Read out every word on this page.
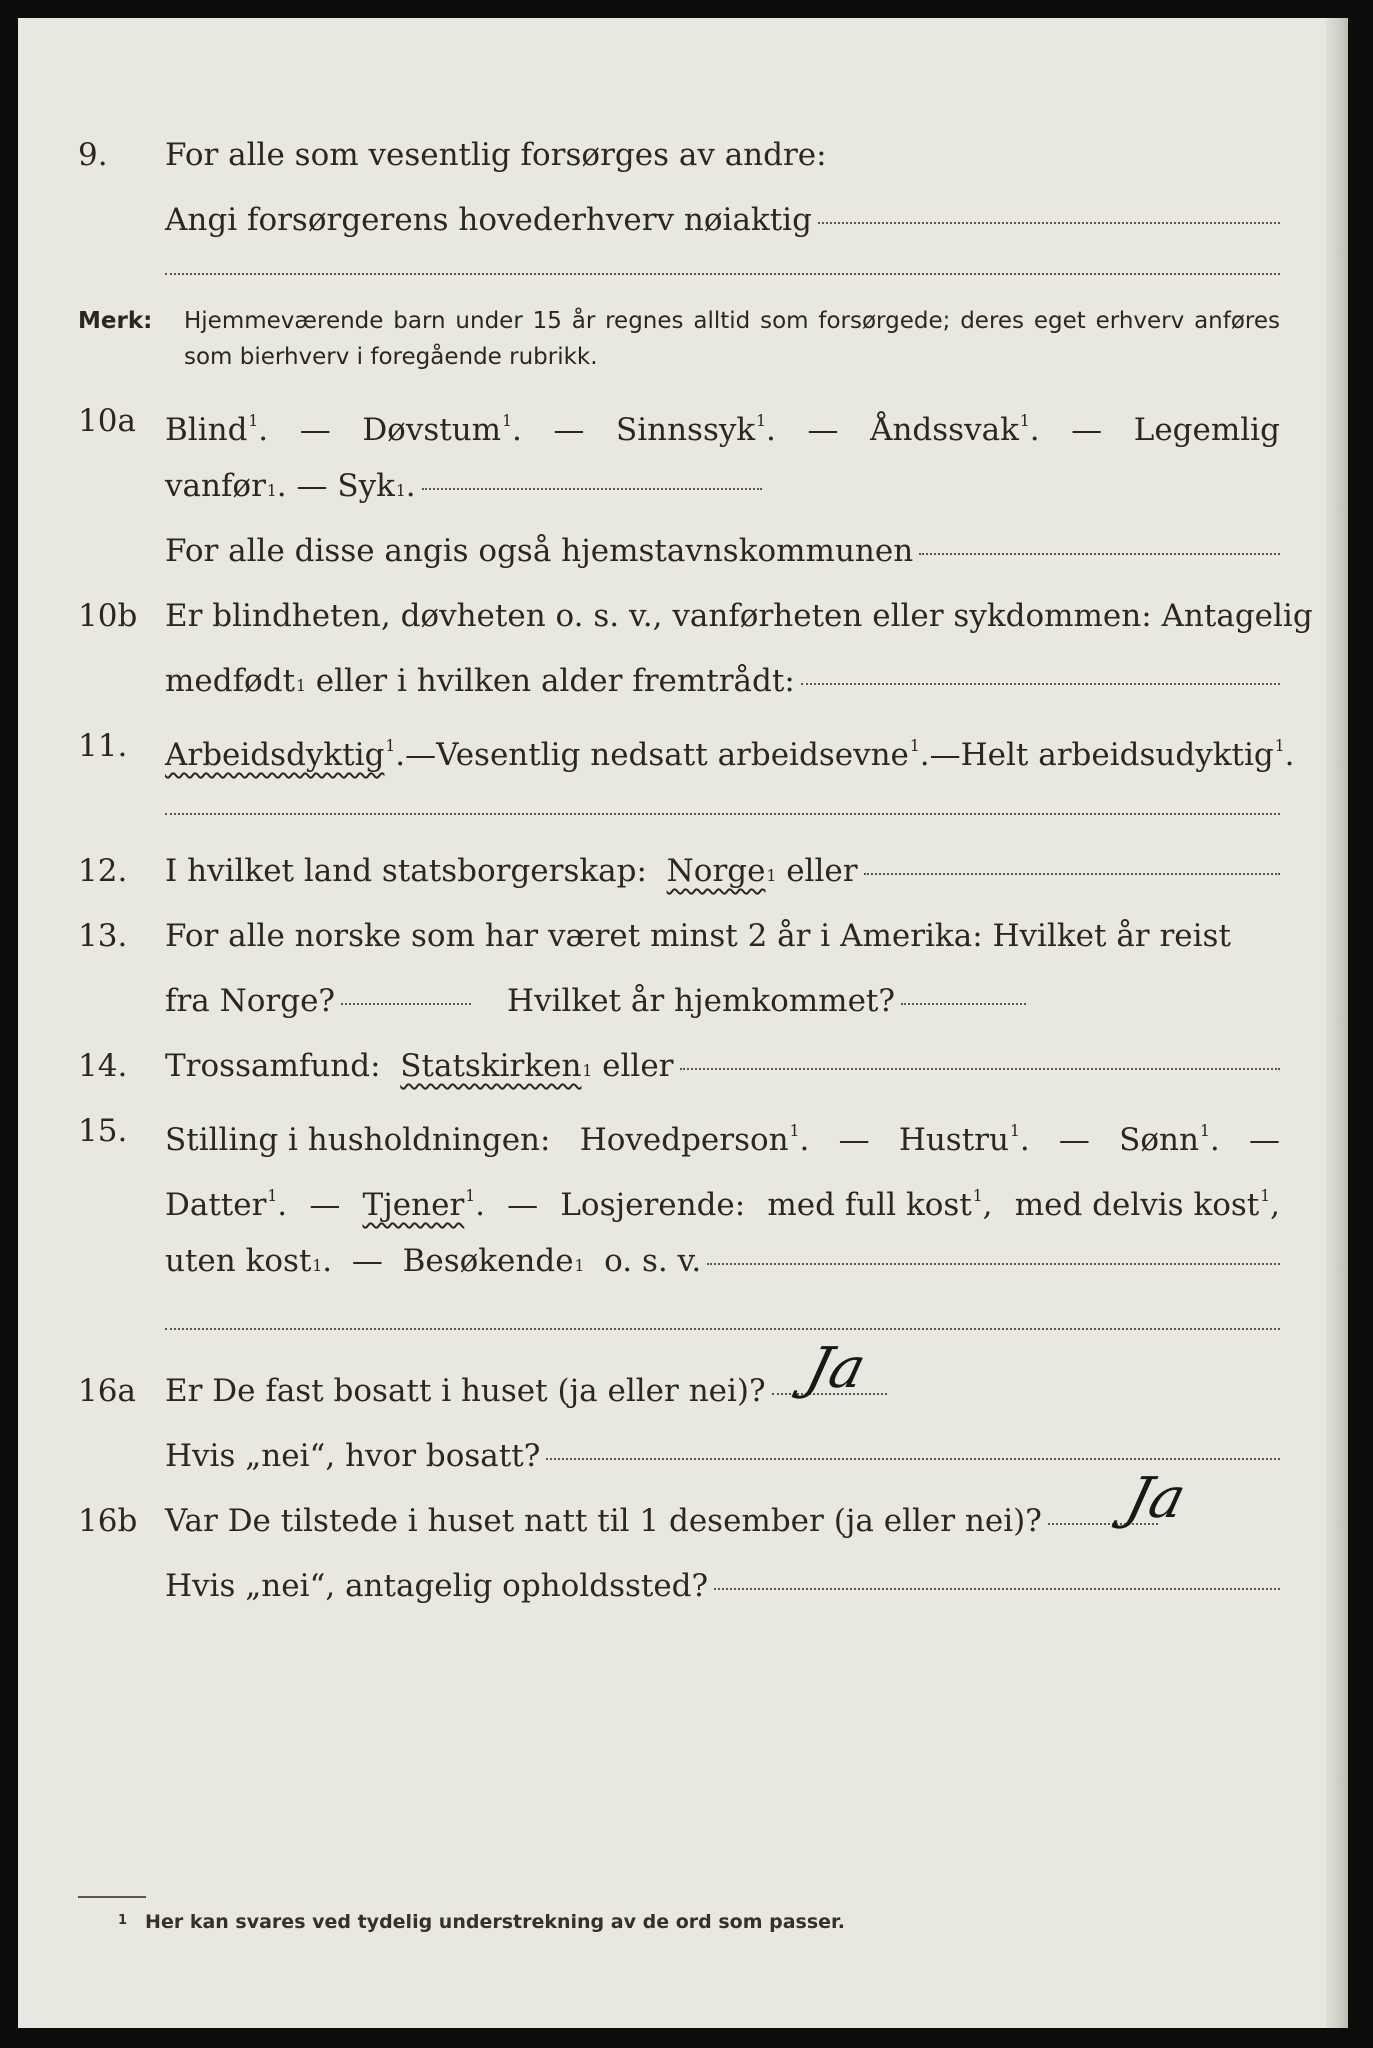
9. For alle som vesentlig forsørges av andre:
Angi forsørgerens hovederhverv nøiaktig
Merk: Hjemmeværende barn under 15 år regnes alltid som forsørgede; deres eget erhverv anføres som bierhverv i foregående rubrikk.
10a Blind$^1$. — Døvstum$^1$. — Sinnssyk$^1$. — Åndssvak$^1$. — Legemlig
vanfør 1 . —
Syk 1 .
For alle disse angis også hjemstavnskommunen
10b Er blindheten, døvheten o. s. v., vanførheten eller sykdommen: Antagelig
medfødt 1
eller i hvilken alder fremtrådt:
11. Arbeidsdyktig$^1$. — Vesentlig nedsatt arbeidsevne$^1$. — Helt arbeidsudyktig$^1$.
12. I hvilket land statsborgerskap:
Norge 1
eller
13. For alle norske som har været minst 2 år i Amerika: Hvilket år reist
fra Norge?	Hvilket år hjemkommet?
14. Trossamfund:
Statskirken 1
eller
15. Stilling i husholdningen: Hovedperson$^1$. — Hustru$^1$. — Sønn$^1$. —
Datter$^1$. — Tjener$^1$. — Losjerende: med full kost$^1$, med delvis kost$^1$,
uten kost 1 . —
Besøkende 1
o. s. v.
16a Er De fast bosatt i huset (ja eller nei)? Ja
Hvis „nei“, hvor bosatt?
16b Var De tilstede i huset natt til 1 desember (ja eller nei)? Ja
Hvis „nei“, antagelig opholdssted?
$^1$ Her kan svares ved tydelig understrekning av de ord som passer.
